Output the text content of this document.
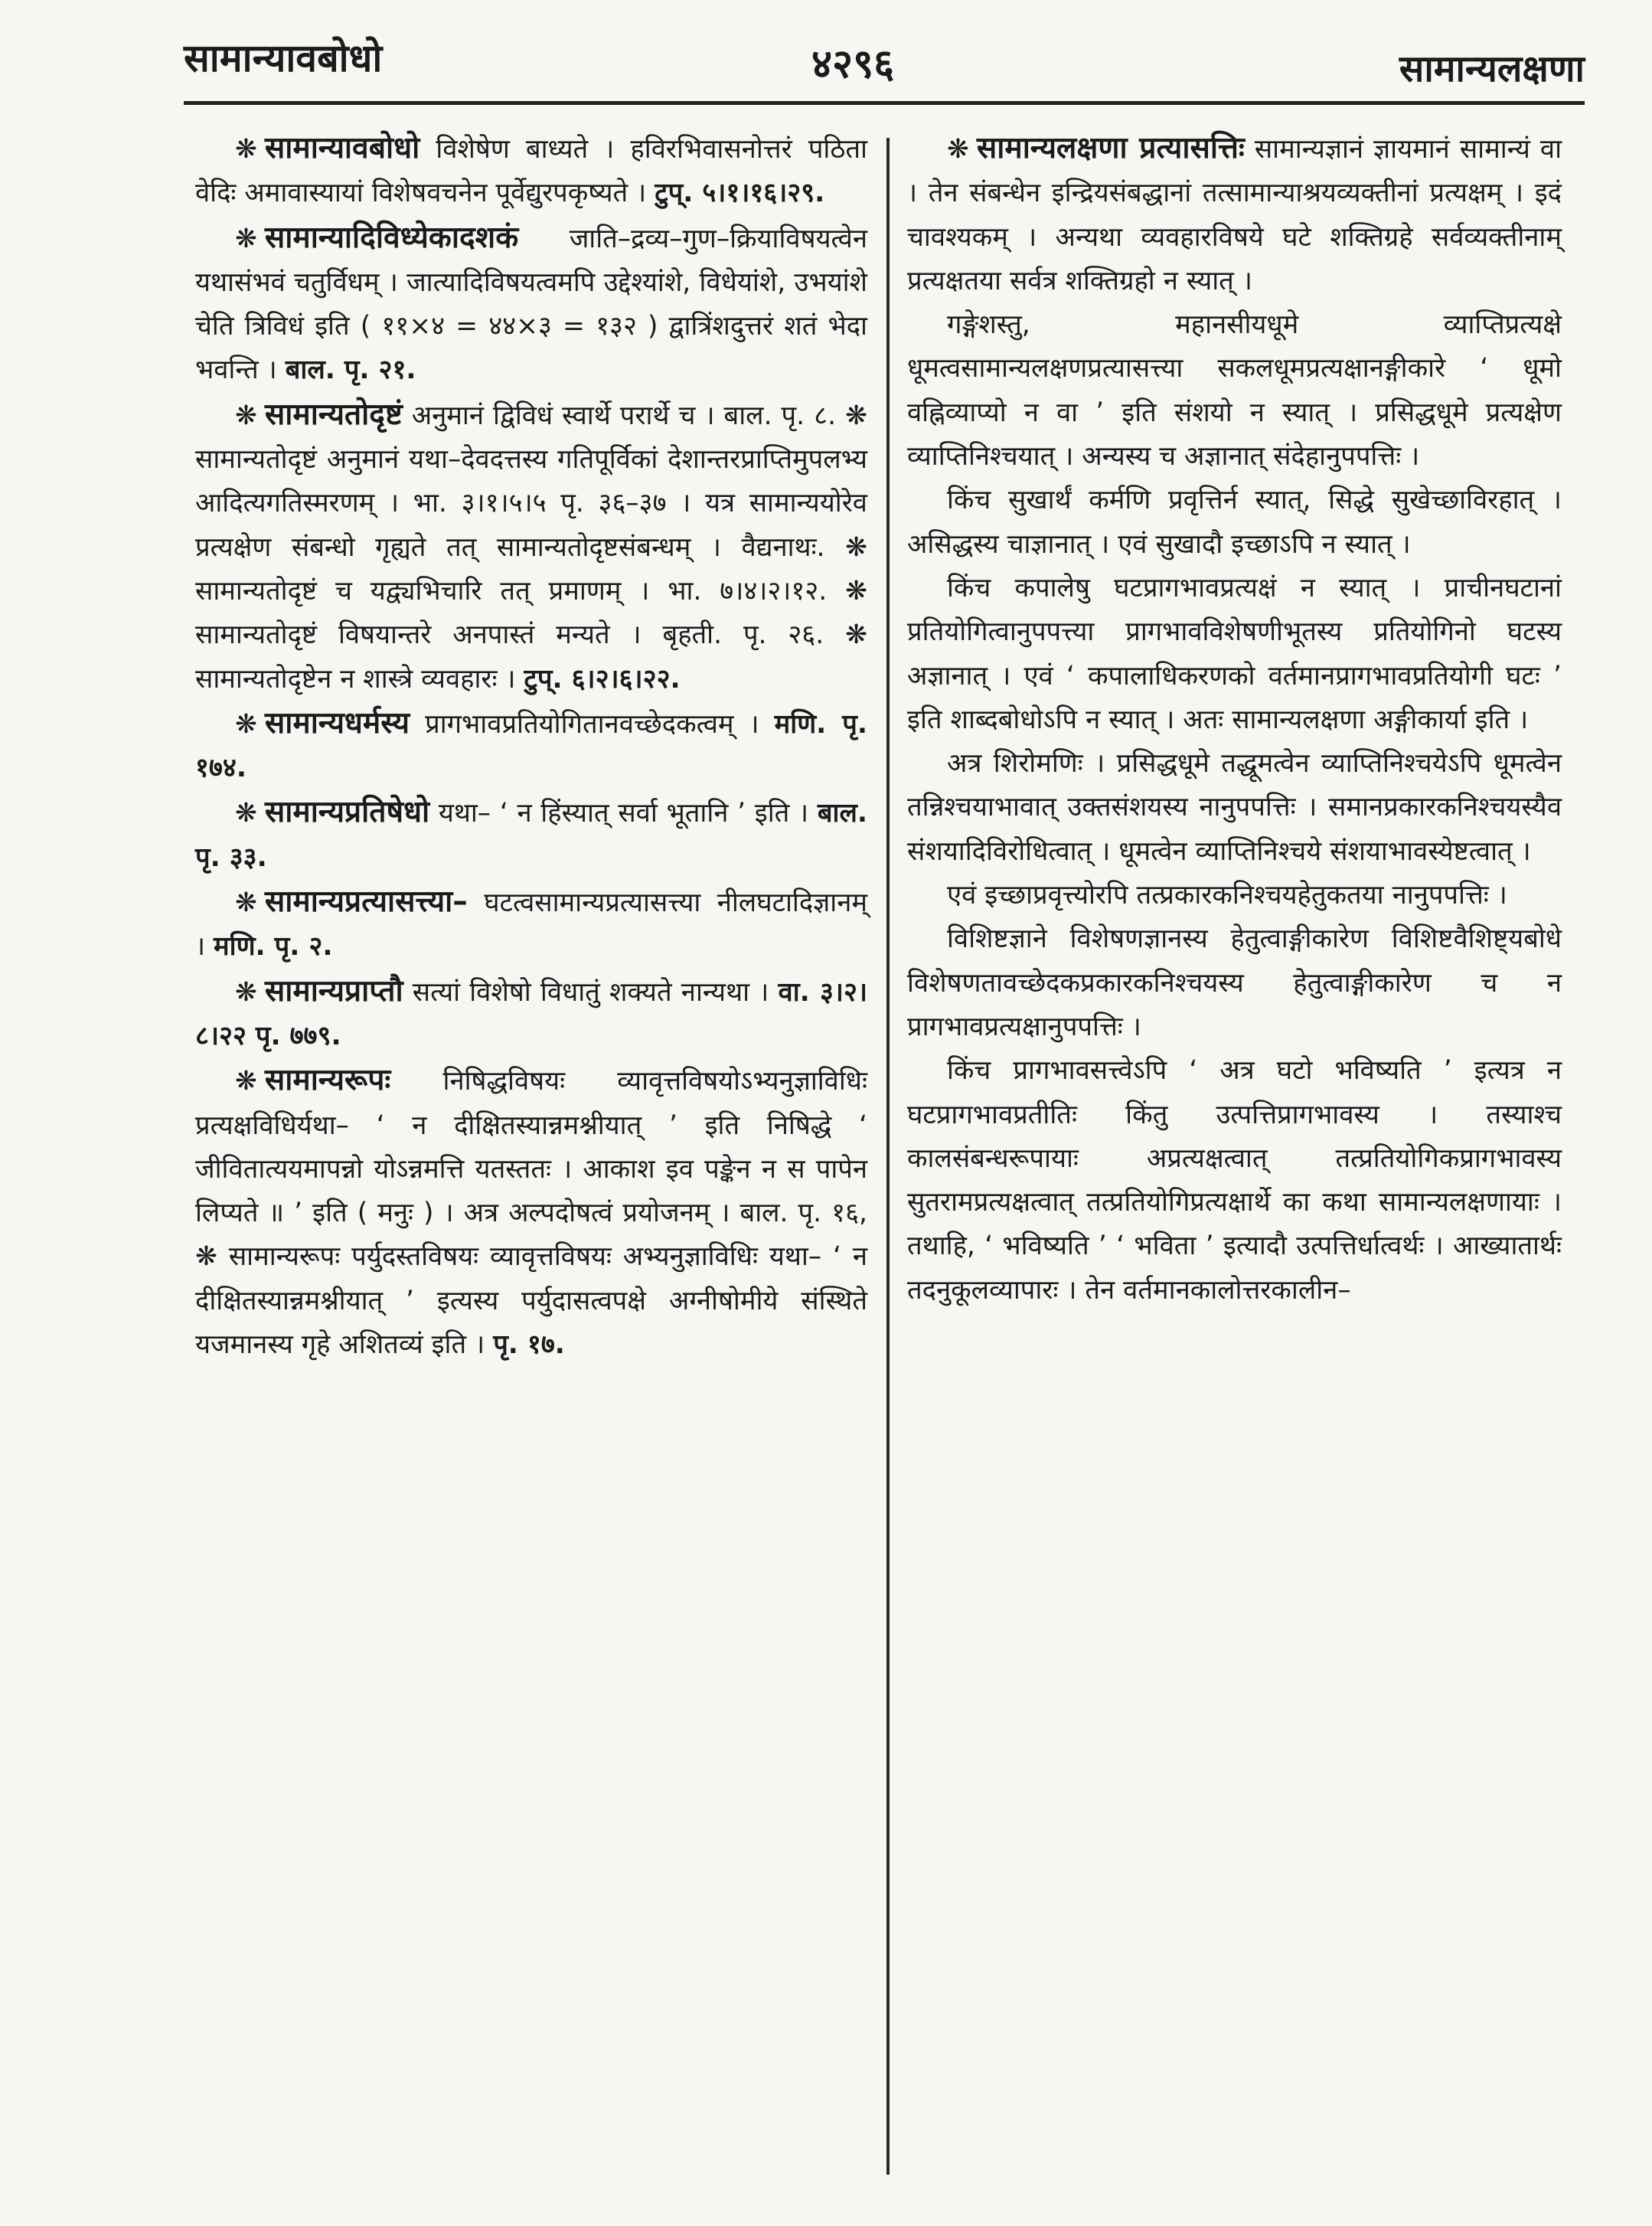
सामान्यावबोधो	४२९६	सामान्यलक्षणा

❋ सामान्यावबोधो विशेषेण बाध्यते । हविरभिवासनोत्तरं पठिता वेदिः अमावास्यायां विशेषवचनेन पूर्वेद्युरपकृष्यते । टुप्. ५।१।१६।२९.

❋ सामान्यादिविध्येकादशकं जाति–द्रव्य–गुण–क्रियाविषयत्वेन यथासंभवं चतुर्विधम् । जात्यादिविषयत्वमपि उद्देश्यांशे, विधेयांशे, उभयांशे चेति त्रिविधं इति ( ११×४ = ४४×३ = १३२ ) द्वात्रिंशदुत्तरं शतं भेदा भवन्ति । बाल. पृ. २१.

❋ सामान्यतोदृष्टं अनुमानं द्विविधं स्वार्थे परार्थे च । बाल. पृ. ८. ❋ सामान्यतोदृष्टं अनुमानं यथा–देवदत्तस्य गतिपूर्विकां देशान्तरप्राप्तिमुपलभ्य आदित्यगतिस्मरणम् । भा. ३।१।५।५ पृ. ३६–३७ । यत्र सामान्ययोरेव प्रत्यक्षेण संबन्धो गृह्यते तत् सामान्यतोदृष्टसंबन्धम् । वैद्यनाथः. ❋ सामान्यतोदृष्टं च यद्व्यभिचारि तत् प्रमाणम् । भा. ७।४।२।१२. ❋ सामान्यतोदृष्टं विषयान्तरे अनपास्तं मन्यते । बृहती. पृ. २६. ❋ सामान्यतोदृष्टेन न शास्त्रे व्यवहारः । टुप्. ६।२।६।२२.

❋ सामान्यधर्मस्य प्रागभावप्रतियोगितानवच्छेदकत्वम् । मणि. पृ. १७४.

❋ सामान्यप्रतिषेधो यथा– ‘ न हिंस्यात् सर्वा भूतानि ’ इति । बाल. पृ. ३३.

❋ सामान्यप्रत्यासत्त्या– घटत्वसामान्यप्रत्यासत्त्या नीलघटादिज्ञानम् । मणि. पृ. २.

❋ सामान्यप्राप्तौ सत्यां विशेषो विधातुं शक्यते नान्यथा । वा. ३।२।८।२२ पृ. ७७९.

❋ सामान्यरूपः निषिद्धविषयः व्यावृत्तविषयोऽभ्यनुज्ञाविधिः प्रत्यक्षविधिर्यथा– ‘ न दीक्षितस्यान्नमश्नीयात् ’ इति निषिद्धे ‘ जीवितात्ययमापन्नो योऽन्नमत्ति यतस्ततः । आकाश इव पङ्केन न स पापेन लिप्यते ॥ ’ इति ( मनुः ) । अत्र अल्पदोषत्वं प्रयोजनम् । बाल. पृ. १६, ❋ सामान्यरूपः पर्युदस्तविषयः व्यावृत्तविषयः अभ्यनुज्ञाविधिः यथा– ‘ न दीक्षितस्यान्नमश्नीयात् ’ इत्यस्य पर्युदासत्वपक्षे अग्नीषोमीये संस्थिते यजमानस्य गृहे अशितव्यं इति । पृ. १७.

❋ सामान्यलक्षणा प्रत्यासत्तिः सामान्यज्ञानं ज्ञायमानं सामान्यं वा । तेन संबन्धेन इन्द्रियसंबद्धानां तत्सामान्याश्रयव्यक्तीनां प्रत्यक्षम् । इदं चावश्यकम् । अन्यथा व्यवहारविषये घटे शक्तिग्रहे सर्वव्यक्तीनाम् प्रत्यक्षतया सर्वत्र शक्तिग्रहो न स्यात् ।

गङ्गेशस्तु, महानसीयधूमे व्याप्तिप्रत्यक्षे धूमत्वसामान्यलक्षणप्रत्यासत्त्या सकलधूमप्रत्यक्षानङ्गीकारे ‘ धूमो वह्निव्याप्यो न वा ’ इति संशयो न स्यात् । प्रसिद्धधूमे प्रत्यक्षेण व्याप्तिनिश्चयात् । अन्यस्य च अज्ञानात् संदेहानुपपत्तिः ।

किंच सुखार्थं कर्मणि प्रवृत्तिर्न स्यात्, सिद्धे सुखेच्छाविरहात् । असिद्धस्य चाज्ञानात् । एवं सुखादौ इच्छाऽपि न स्यात् ।

किंच कपालेषु घटप्रागभावप्रत्यक्षं न स्यात् । प्राचीनघटानां प्रतियोगित्वानुपपत्त्या प्रागभावविशेषणीभूतस्य प्रतियोगिनो घटस्य अज्ञानात् । एवं ‘ कपालाधिकरणको वर्तमानप्रागभावप्रतियोगी घटः ’ इति शाब्दबोधोऽपि न स्यात् । अतः सामान्यलक्षणा अङ्गीकार्या इति ।

अत्र शिरोमणिः । प्रसिद्धधूमे तद्धूमत्वेन व्याप्तिनिश्चयेऽपि धूमत्वेन तन्निश्चयाभावात् उक्तसंशयस्य नानुपपत्तिः । समानप्रकारकनिश्चयस्यैव संशयादिविरोधित्वात् । धूमत्वेन व्याप्तिनिश्चये संशयाभावस्येष्टत्वात् ।

एवं इच्छाप्रवृत्त्योरपि तत्प्रकारकनिश्चयहेतुकतया नानुपपत्तिः ।

विशिष्टज्ञाने विशेषणज्ञानस्य हेतुत्वाङ्गीकारेण विशिष्टवैशिष्ट्यबोधे विशेषणतावच्छेदकप्रकारकनिश्चयस्य हेतुत्वाङ्गीकारेण च न प्रागभावप्रत्यक्षानुपपत्तिः ।

किंच प्रागभावसत्त्वेऽपि ‘ अत्र घटो भविष्यति ’ इत्यत्र न घटप्रागभावप्रतीतिः किंतु उत्पत्तिप्रागभावस्य । तस्याश्च कालसंबन्धरूपायाः अप्रत्यक्षत्वात् तत्प्रतियोगिकप्रागभावस्य सुतरामप्रत्यक्षत्वात् तत्प्रतियोगिप्रत्यक्षार्थे का कथा सामान्यलक्षणायाः । तथाहि, ‘ भविष्यति ’ ‘ भविता ’ इत्यादौ उत्पत्तिर्धात्वर्थः । आख्यातार्थः तदनुकूलव्यापारः । तेन वर्तमानकालोत्तरकालीन–
